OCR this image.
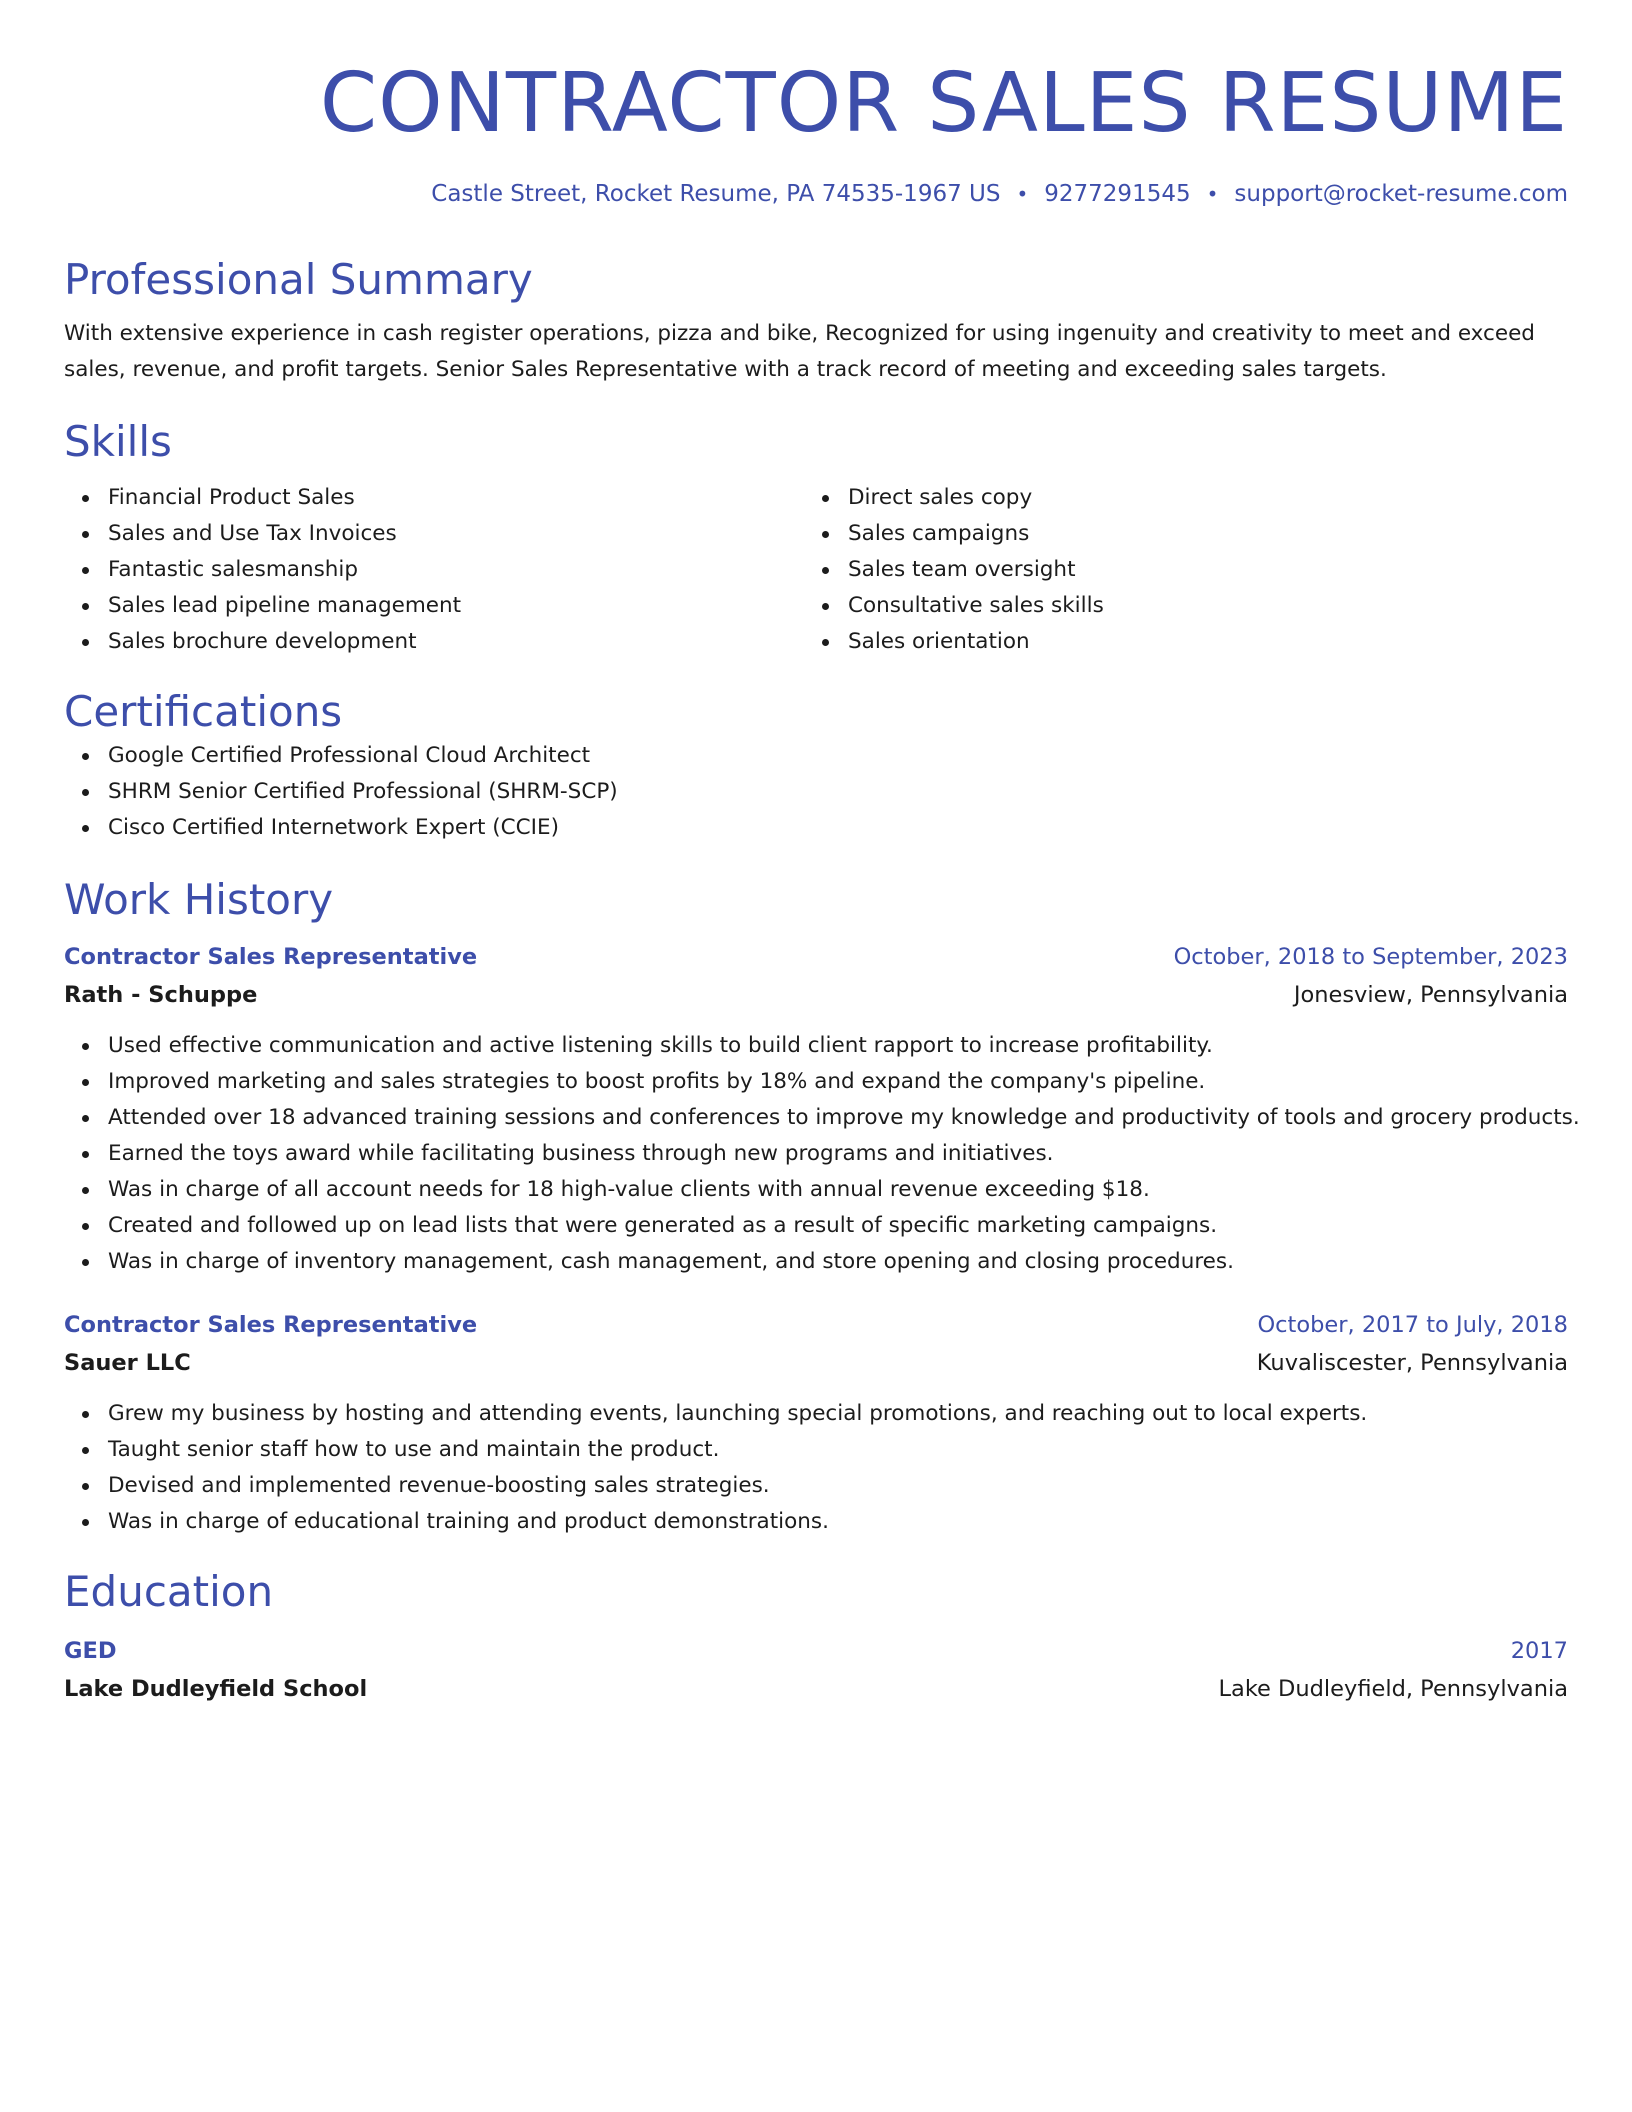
CONTRACTOR SALES RESUME
Castle Street, Rocket Resume, PA 74535-1967 US • 9277291545 • support@rocket-resume.com
Professional Summary
With extensive experience in cash register operations, pizza and bike, Recognized for using ingenuity and creativity to meet and exceed sales, revenue, and profit targets. Senior Sales Representative with a track record of meeting and exceeding sales targets.
Skills
Financial Product Sales
Sales and Use Tax Invoices
Fantastic salesmanship
Sales lead pipeline management
Sales brochure development
Direct sales copy
Sales campaigns
Sales team oversight
Consultative sales skills
Sales orientation
Certifications
Google Certified Professional Cloud Architect
SHRM Senior Certified Professional (SHRM-SCP)
Cisco Certified Internetwork Expert (CCIE)
Work History
Contractor Sales Representative	October, 2018 to September, 2023
Rath - Schuppe	Jonesview, Pennsylvania
Used effective communication and active listening skills to build client rapport to increase profitability.
Improved marketing and sales strategies to boost profits by 18% and expand the company's pipeline.
Attended over 18 advanced training sessions and conferences to improve my knowledge and productivity of tools and grocery products.
Earned the toys award while facilitating business through new programs and initiatives.
Was in charge of all account needs for 18 high-value clients with annual revenue exceeding $18.
Created and followed up on lead lists that were generated as a result of specific marketing campaigns.
Was in charge of inventory management, cash management, and store opening and closing procedures.
Contractor Sales Representative	October, 2017 to July, 2018
Sauer LLC	Kuvaliscester, Pennsylvania
Grew my business by hosting and attending events, launching special promotions, and reaching out to local experts.
Taught senior staff how to use and maintain the product.
Devised and implemented revenue-boosting sales strategies.
Was in charge of educational training and product demonstrations.
Education
GED	2017
Lake Dudleyfield School	Lake Dudleyfield, Pennsylvania
